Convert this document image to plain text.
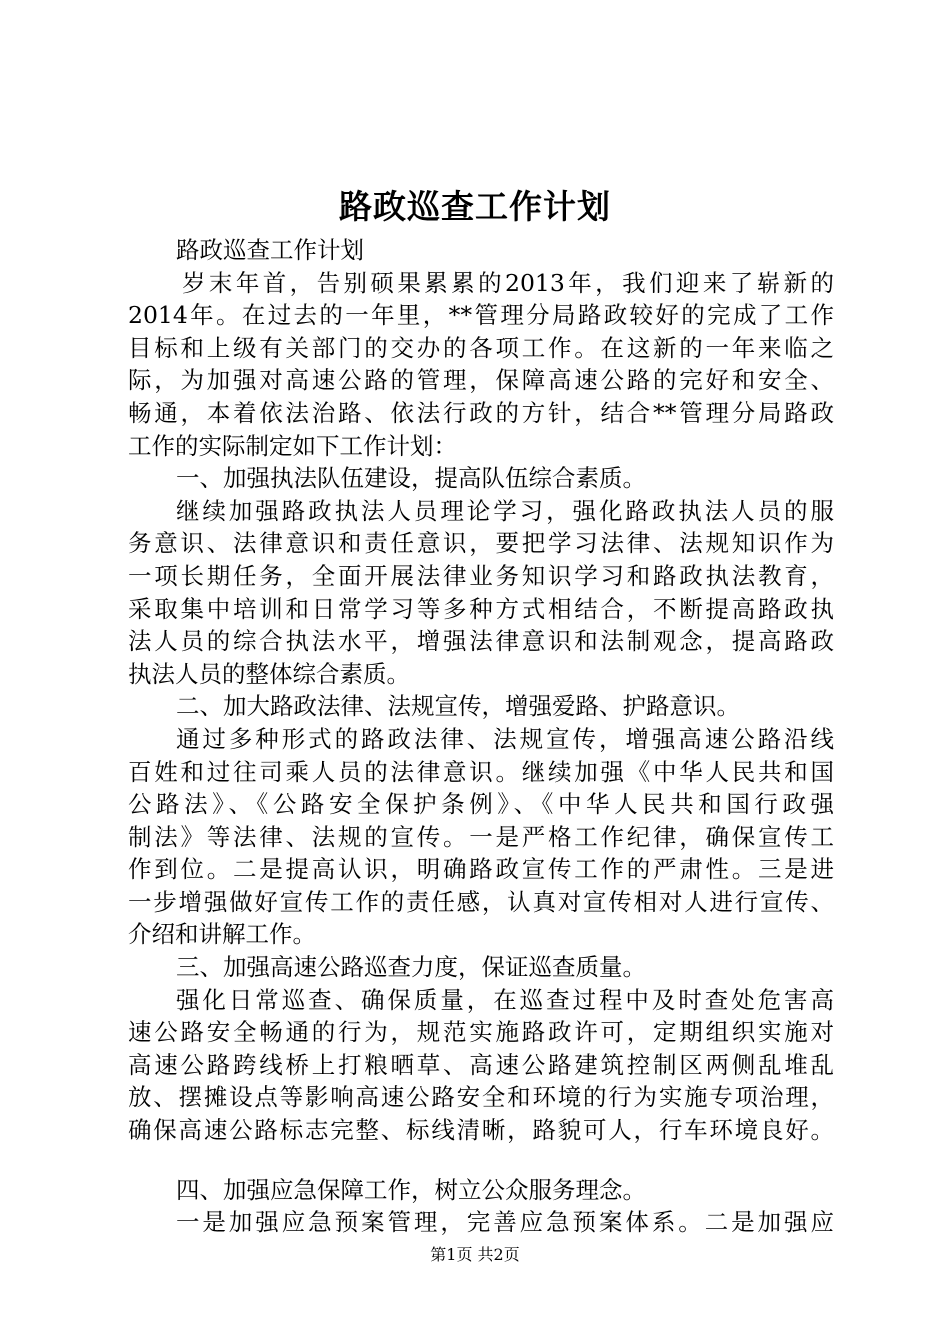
路政巡查工作计划
路政巡查工作计划
岁末年首，告别硕果累累的2013年，我们迎来了崭新的
2014年。在过去的一年里，**管理分局路政较好的完成了工作
目标和上级有关部门的交办的各项工作。在这新的一年来临之
际，为加强对高速公路的管理，保障高速公路的完好和安全、
畅通，本着依法治路、依法行政的方针，结合**管理分局路政
工作的实际制定如下工作计划：
一、加强执法队伍建设，提高队伍综合素质。
继续加强路政执法人员理论学习，强化路政执法人员的服
务意识、法律意识和责任意识，要把学习法律、法规知识作为
一项长期任务，全面开展法律业务知识学习和路政执法教育，
采取集中培训和日常学习等多种方式相结合，不断提高路政执
法人员的综合执法水平，增强法律意识和法制观念，提高路政
执法人员的整体综合素质。
二、加大路政法律、法规宣传，增强爱路、护路意识。
通过多种形式的路政法律、法规宣传，增强高速公路沿线
百姓和过往司乘人员的法律意识。继续加强《中华人民共和国
公路法》、《公路安全保护条例》、《中华人民共和国行政强
制法》等法律、法规的宣传。一是严格工作纪律，确保宣传工
作到位。二是提高认识，明确路政宣传工作的严肃性。三是进
一步增强做好宣传工作的责任感，认真对宣传相对人进行宣传、
介绍和讲解工作。
三、加强高速公路巡查力度，保证巡查质量。
强化日常巡查、确保质量，在巡查过程中及时查处危害高
速公路安全畅通的行为，规范实施路政许可，定期组织实施对
高速公路跨线桥上打粮晒草、高速公路建筑控制区两侧乱堆乱
放、摆摊设点等影响高速公路安全和环境的行为实施专项治理，
确保高速公路标志完整、标线清晰，路貌可人，行车环境良好。
四、加强应急保障工作，树立公众服务理念。
一是加强应急预案管理，完善应急预案体系。二是加强应
第1页 共2页
